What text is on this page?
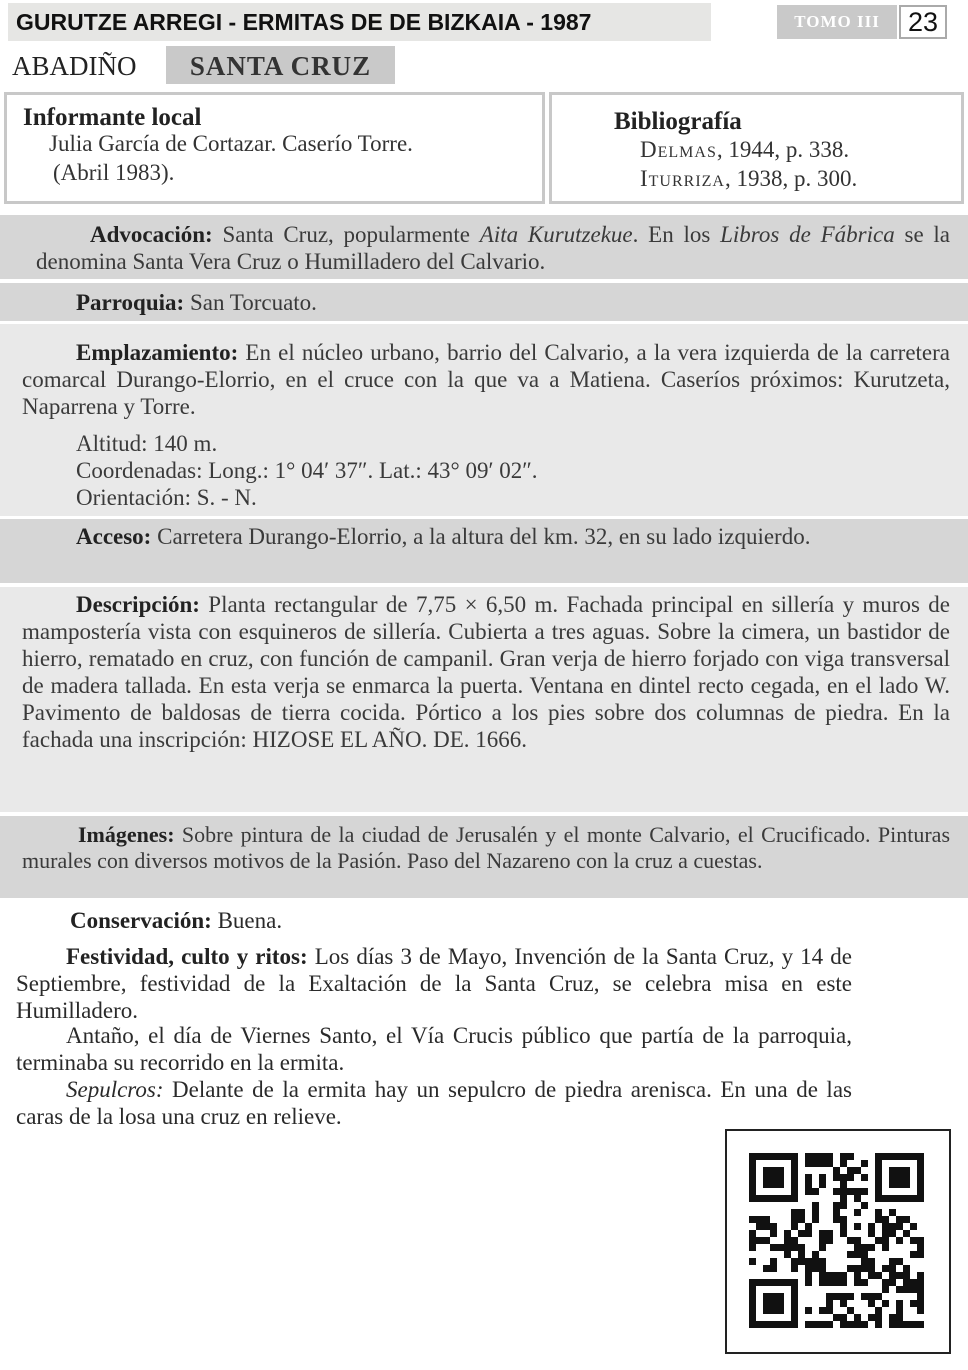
GURUTZE ARREGI - ERMITAS DE DE BIZKAIA - 1987	TOMO III	23
ABADIÑO	SANTA CRUZ
Informante local
Julia García de Cortazar. Caserío Torre.
(Abril 1983).
Bibliografía
Delmas, 1944, p. 338.
Iturriza, 1938, p. 300.
Advocación: Santa Cruz, popularmente Aita Kurutzekue. En los Libros de Fábrica se la denomina Santa Vera Cruz o Humilladero del Calvario.
Parroquia: San Torcuato.
Emplazamiento: En el núcleo urbano, barrio del Calvario, a la vera izquierda de la carretera comarcal Durango-Elorrio, en el cruce con la que va a Matiena. Caseríos próximos: Kurutzeta, Naparrena y Torre.
Altitud: 140 m.
Coordenadas: Long.: 1° 04′ 37″. Lat.: 43° 09′ 02″.
Orientación: S. - N.
Acceso: Carretera Durango-Elorrio, a la altura del km. 32, en su lado izquierdo.
Descripción: Planta rectangular de 7,75 × 6,50 m. Fachada principal en sillería y muros de mampostería vista con esquineros de sillería. Cubierta a tres aguas. Sobre la cimera, un bastidor de hierro, rematado en cruz, con función de campanil. Gran verja de hierro forjado con viga transversal de madera tallada. En esta verja se enmarca la puerta. Ventana en dintel recto cegada, en el lado W. Pavimento de baldosas de tierra cocida. Pórtico a los pies sobre dos columnas de piedra. En la fachada una inscripción: HIZOSE EL AÑO. DE. 1666.
Imágenes: Sobre pintura de la ciudad de Jerusalén y el monte Calvario, el Crucificado. Pinturas murales con diversos motivos de la Pasión. Paso del Nazareno con la cruz a cuestas.
Conservación: Buena.
Festividad, culto y ritos: Los días 3 de Mayo, Invención de la Santa Cruz, y 14 de Septiembre, festividad de la Exaltación de la Santa Cruz, se celebra misa en este Humilladero.
Antaño, el día de Viernes Santo, el Vía Crucis público que partía de la parroquia, terminaba su recorrido en la ermita.
Sepulcros: Delante de la ermita hay un sepulcro de piedra arenisca. En una de las caras de la losa una cruz en relieve.
